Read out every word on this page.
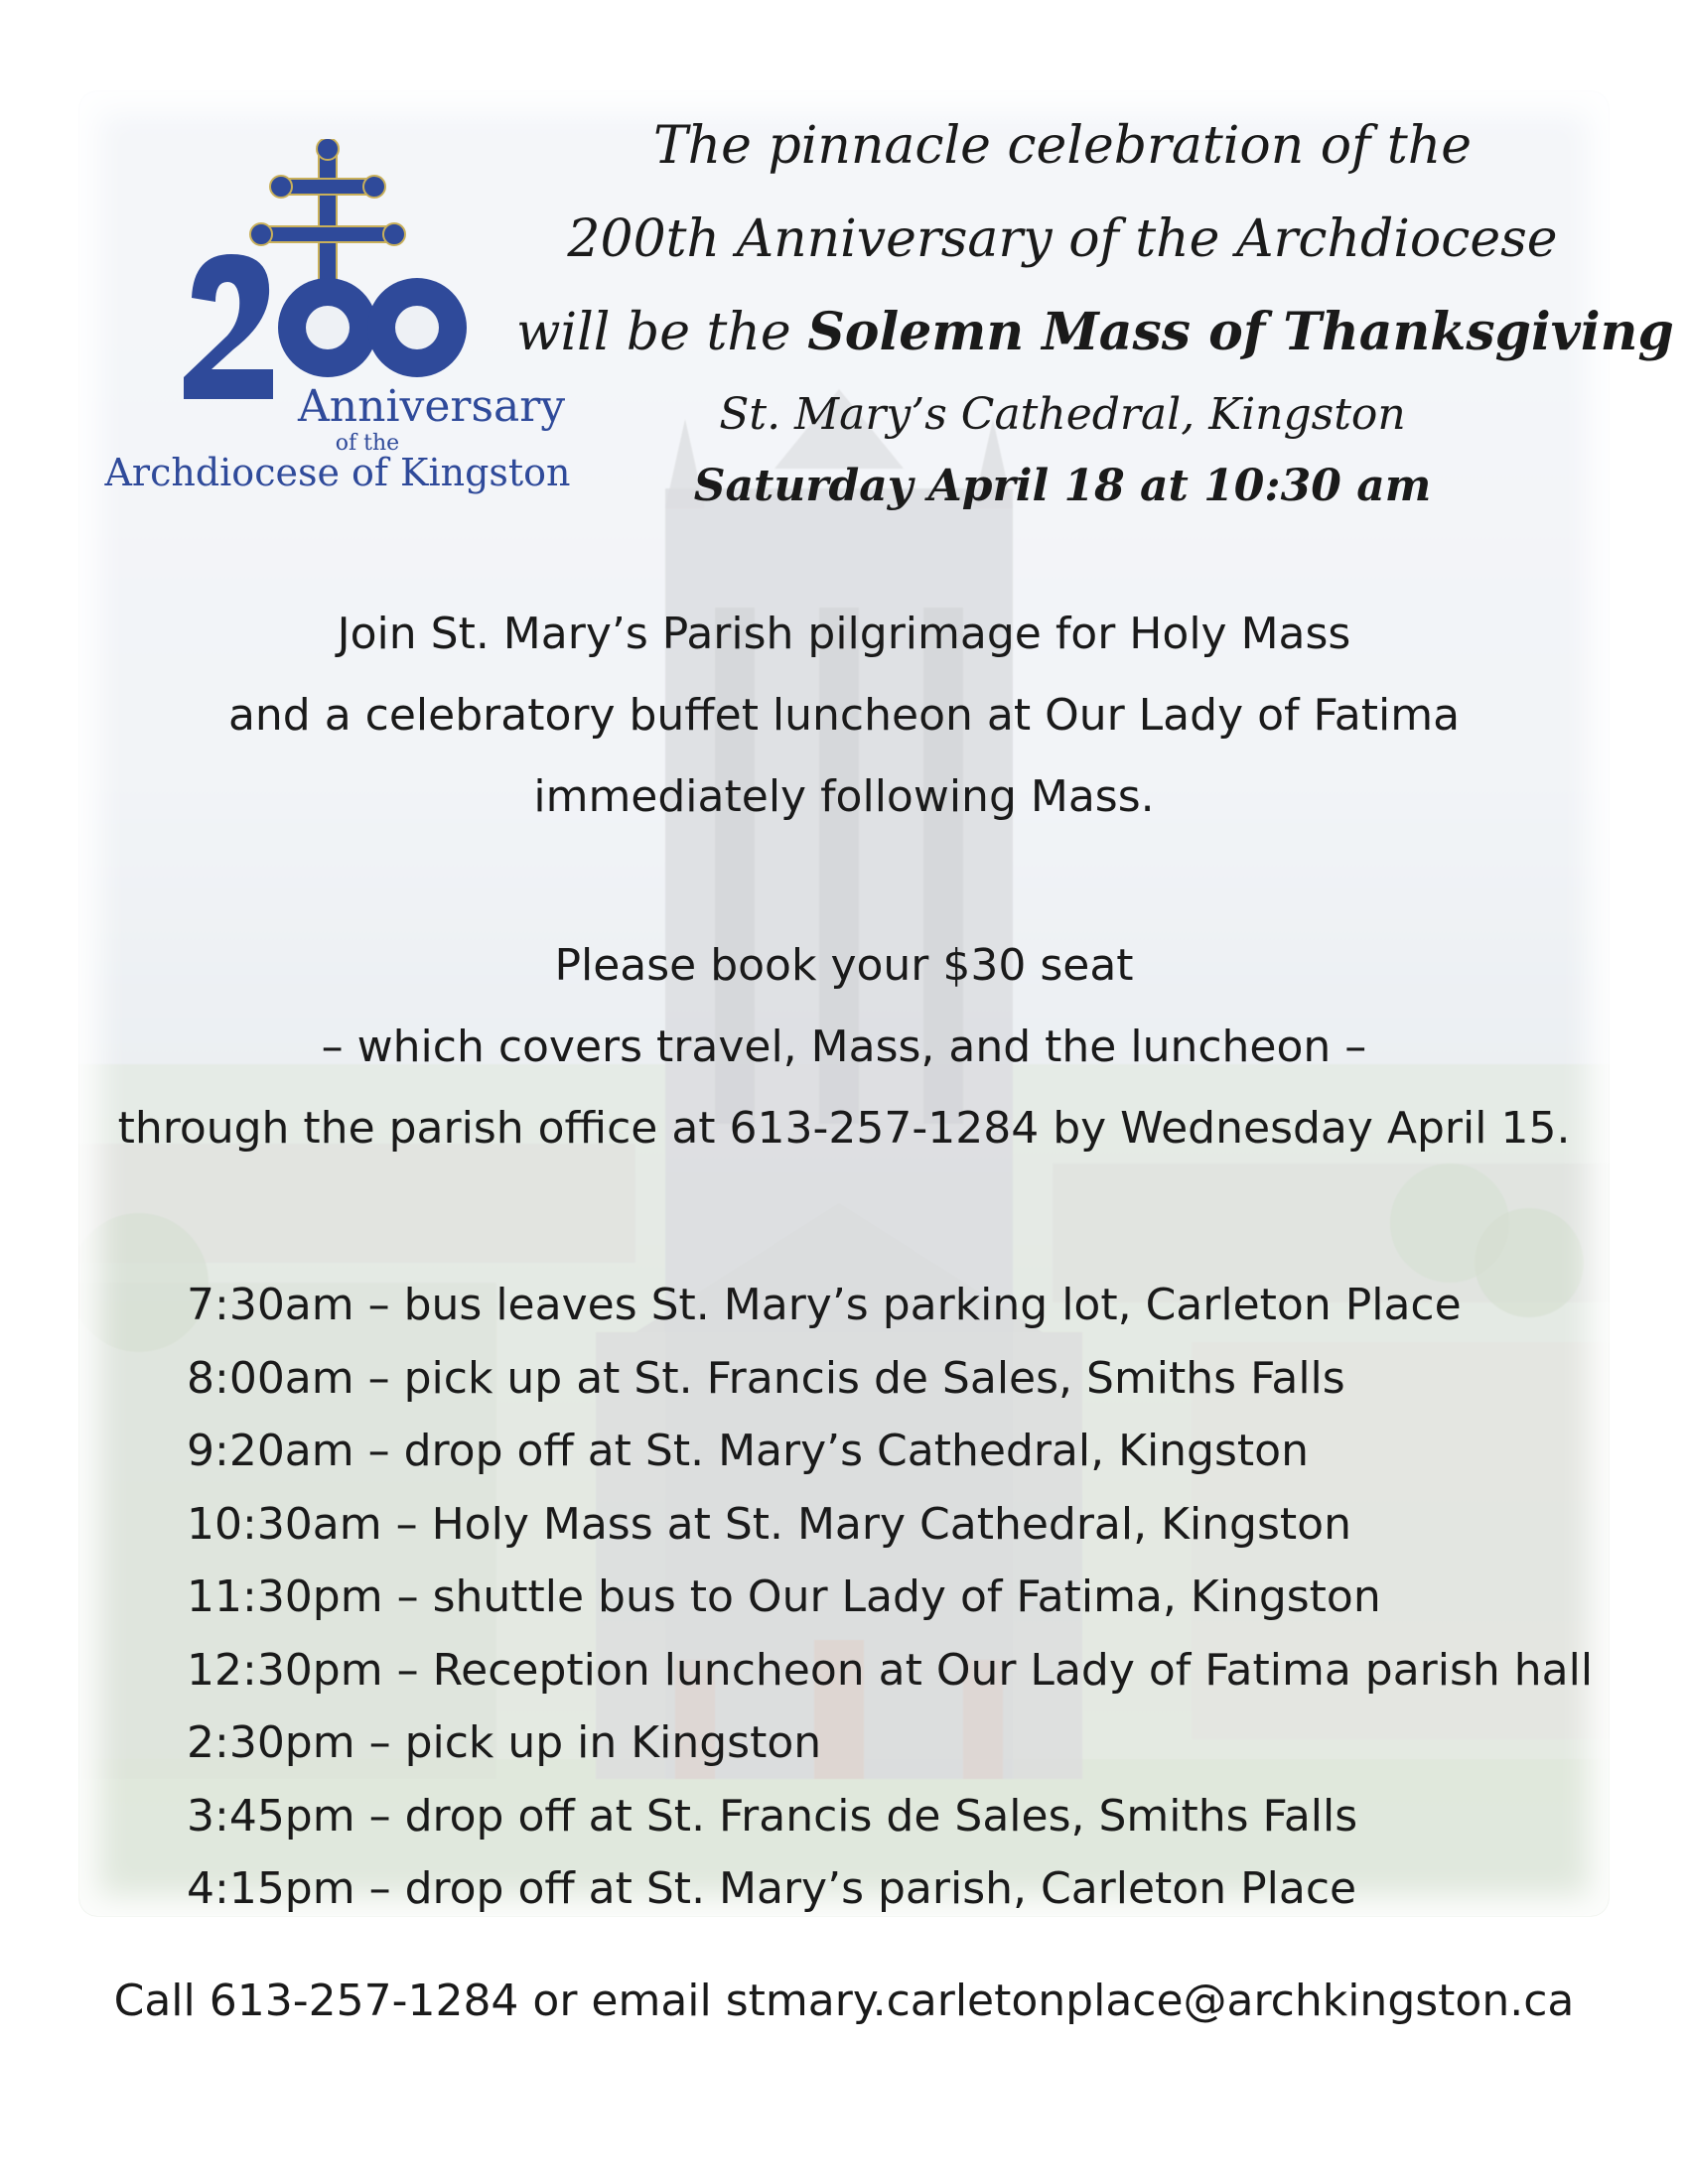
Anniversary
of the
Archdiocese of Kingston
The pinnacle celebration of the
200th Anniversary of the Archdiocese
will be the Solemn Mass of Thanksgiving
St. Mary’s Cathedral, Kingston
Saturday April 18 at 10:30 am
Join St. Mary’s Parish pilgrimage for Holy Mass
and a celebratory buffet luncheon at Our Lady of Fatima
immediately following Mass.
Please book your $30 seat
– which covers travel, Mass, and the luncheon –
through the parish office at 613-257-1284 by Wednesday April 15.
7:30am – bus leaves St. Mary’s parking lot, Carleton Place
8:00am – pick up at St. Francis de Sales, Smiths Falls
9:20am – drop off at St. Mary’s Cathedral, Kingston
10:30am – Holy Mass at St. Mary Cathedral, Kingston
11:30pm – shuttle bus to Our Lady of Fatima, Kingston
12:30pm – Reception luncheon at Our Lady of Fatima parish hall
2:30pm – pick up in Kingston
3:45pm – drop off at St. Francis de Sales, Smiths Falls
4:15pm – drop off at St. Mary’s parish, Carleton Place
Call 613-257-1284 or email stmary.carletonplace@archkingston.ca
